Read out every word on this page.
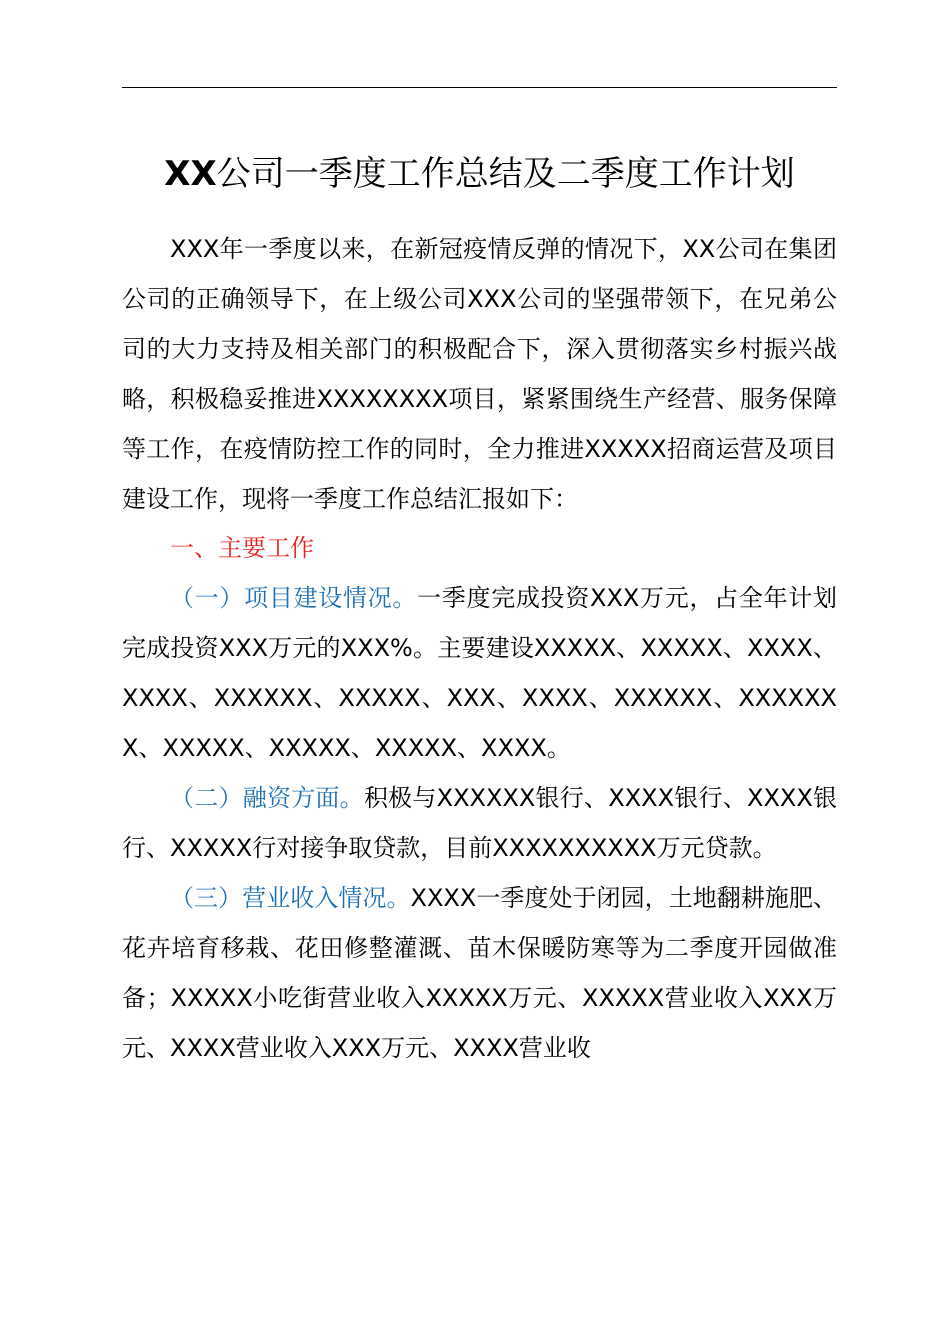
XX公司一季度工作总结及二季度工作计划

XXX年一季度以来，在新冠疫情反弹的情况下，XX公司在集团公司的正确领导下，在上级公司XXX公司的坚强带领下，在兄弟公司的大力支持及相关部门的积极配合下，深入贯彻落实乡村振兴战略，积极稳妥推进XXXXXXXX项目，紧紧围绕生产经营、服务保障等工作，在疫情防控工作的同时，全力推进XXXXX招商运营及项目建设工作，现将一季度工作总结汇报如下：

一、主要工作

（一）项目建设情况。一季度完成投资XXX万元，占全年计划完成投资XXX万元的XXX%。主要建设XXXXX、XXXXX、XXXX、XXXX、XXXXXX、XXXXX、XXX、XXXX、XXXXXX、XXXXXXX、XXXXX、XXXXX、XXXXX、XXXX。

（二）融资方面。积极与XXXXXX银行、XXXX银行、XXXX银行、XXXXX行对接争取贷款，目前XXXXXXXXXX万元贷款。

（三）营业收入情况。XXXX一季度处于闭园，土地翻耕施肥、花卉培育移栽、花田修整灌溉、苗木保暖防寒等为二季度开园做准备；XXXXX小吃街营业收入XXXXX万元、XXXXX营业收入XXX万元、XXXX营业收入XXX万元、XXXX营业收
